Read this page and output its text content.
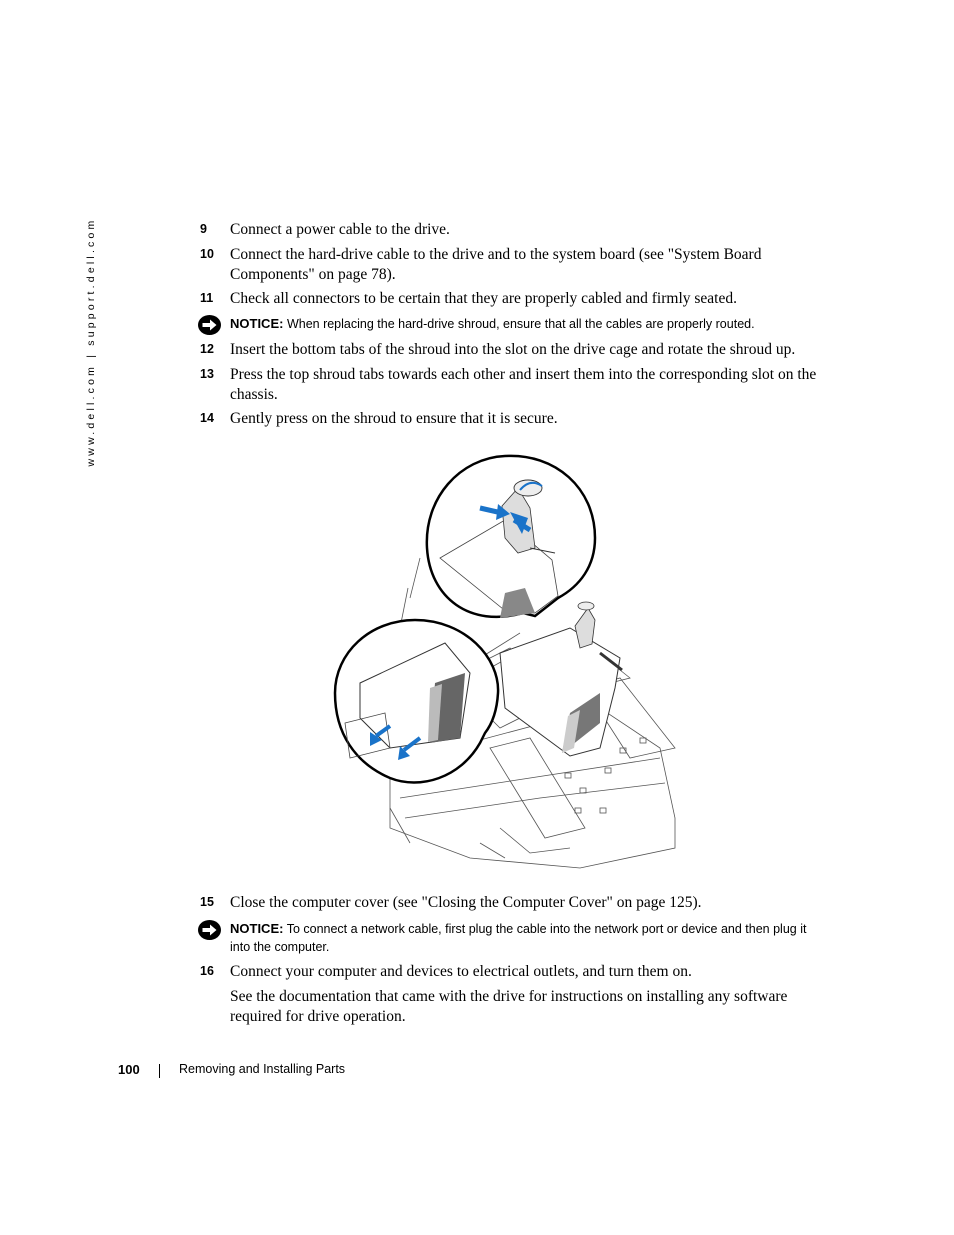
www.dell.com | support.dell.com	9	Connect a power cable to the drive.
10	Connect the hard-drive cable to the drive and to the system board (see "System Board Components" on page 78).
11	Check all connectors to be certain that they are properly cabled and firmly seated.
NOTICE: When replacing the hard-drive shroud, ensure that all the cables are properly routed.
12	Insert the bottom tabs of the shroud into the slot on the drive cage and rotate the shroud up.
13	Press the top shroud tabs towards each other and insert them into the corresponding slot on the chassis.
14	Gently press on the shroud to ensure that it is secure.
15	Close the computer cover (see "Closing the Computer Cover" on page 125).
NOTICE: To connect a network cable, first plug the cable into the network port or device and then plug it into the computer.
16	Connect your computer and devices to electrical outlets, and turn them on.
See the documentation that came with the drive for instructions on installing any software required for drive operation.
100	Removing and Installing Parts
